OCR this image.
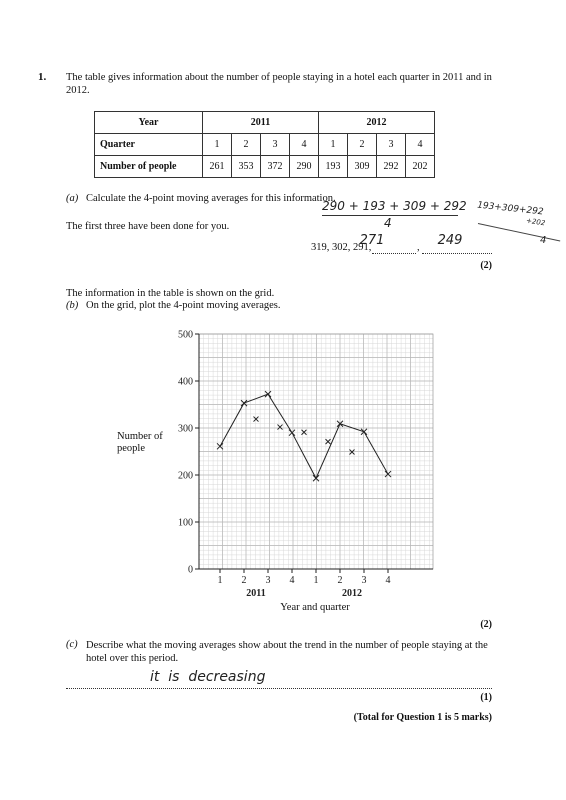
1. The table gives information about the number of people staying in a hotel each quarter in 2011 and in 2012.
Year	2011				2012			
Quarter	1	2	3	4	1	2	3	4
Number of people	261	353	372	290	193	309	292	202
(a) Calculate the 4-point moving averages for this information.
The first three have been done for you.
290 + 193 + 309 + 292
4
193+309+292
+202
4
319, 302, 291,
271	,	249
(2)
The information in the table is shown on the grid.
(b) On the grid, plot the 4-point moving averages.
Number of
people
0
100
200
300
400
500
1 2 3 4 1 2 3 4
2011	2012
Year and quarter
(2)
(c) Describe what the moving averages show about the trend in the number of people staying at the hotel over this period.
it  is  decreasing
(1)
(Total for Question 1 is 5 marks)
